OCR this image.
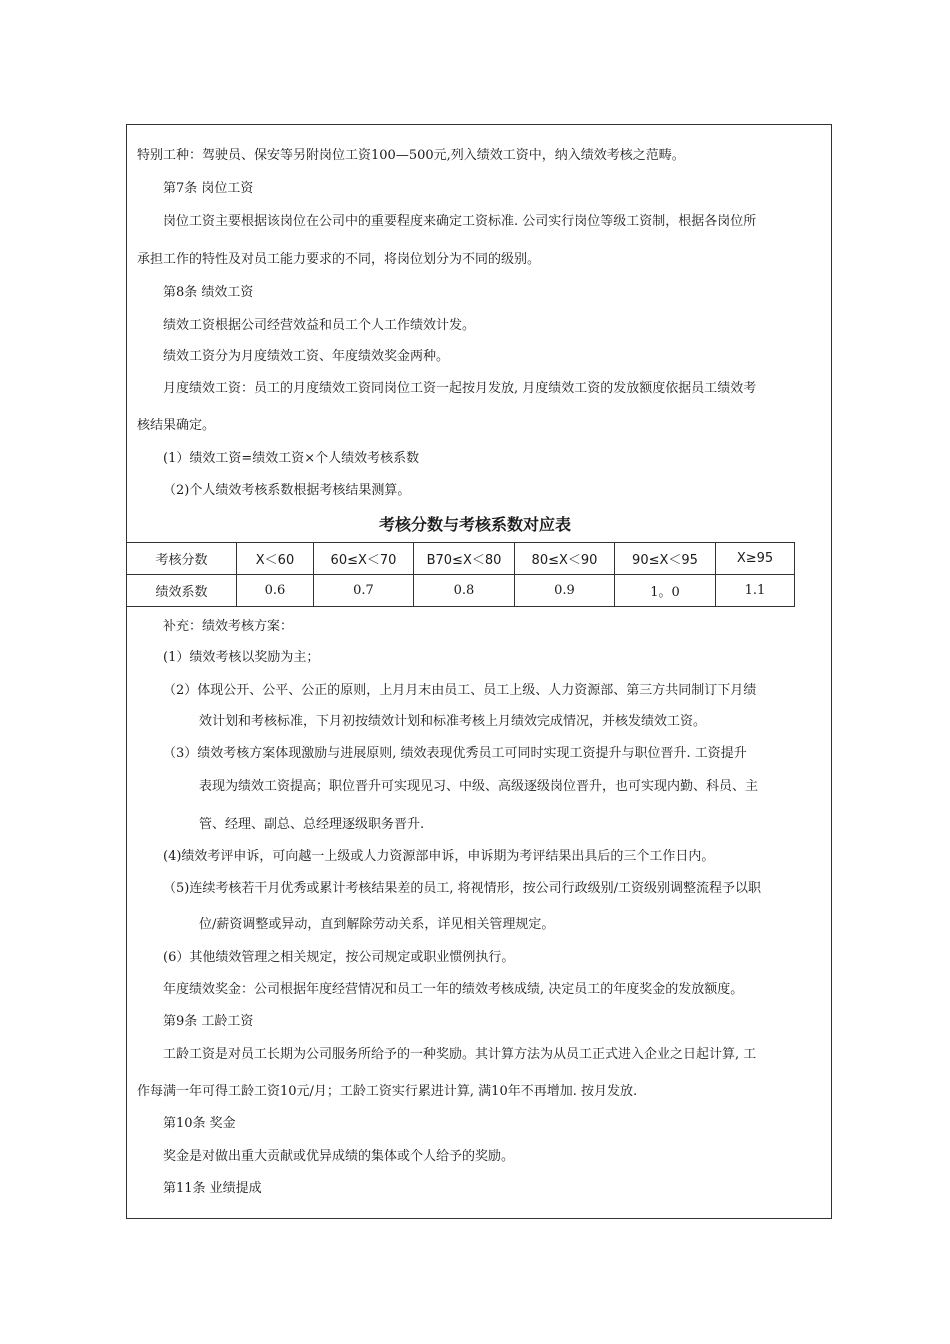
特别工种：驾驶员、保安等另附岗位工资100—500元,列入绩效工资中，纳入绩效考核之范畴。
第7条 岗位工资
岗位工资主要根据该岗位在公司中的重要程度来确定工资标准. 公司实行岗位等级工资制，根据各岗位所
承担工作的特性及对员工能力要求的不同，将岗位划分为不同的级别。
第8条 绩效工资
绩效工资根据公司经营效益和员工个人工作绩效计发。
绩效工资分为月度绩效工资、年度绩效奖金两种。
月度绩效工资：员工的月度绩效工资同岗位工资一起按月发放, 月度绩效工资的发放额度依据员工绩效考
核结果确定。
(1）绩效工资=绩效工资×个人绩效考核系数
（2)个人绩效考核系数根据考核结果测算。
考核分数与考核系数对应表
考核分数	X＜60	60≤X＜70	B70≤X＜80	80≤X＜90	90≤X＜95	X≥95
绩效系数	0.6	0.7	0.8	0.9	1。0	1.1
补充：绩效考核方案：
(1）绩效考核以奖励为主；
（2）体现公开、公平、公正的原则，上月月末由员工、员工上级、人力资源部、第三方共同制订下月绩
效计划和考核标准，下月初按绩效计划和标准考核上月绩效完成情况，并核发绩效工资。
（3）绩效考核方案体现激励与进展原则, 绩效表现优秀员工可同时实现工资提升与职位晋升. 工资提升
表现为绩效工资提高；职位晋升可实现见习、中级、高级逐级岗位晋升，也可实现内勤、科员、主
管、经理、副总、总经理逐级职务晋升.
(4)绩效考评申诉，可向越一上级或人力资源部申诉，申诉期为考评结果出具后的三个工作日内。
（5)连续考核若干月优秀或累计考核结果差的员工, 将视情形，按公司行政级别/工资级别调整流程予以职
位/薪资调整或异动，直到解除劳动关系，详见相关管理规定。
(6）其他绩效管理之相关规定，按公司规定或职业惯例执行。
年度绩效奖金：公司根据年度经营情况和员工一年的绩效考核成绩, 决定员工的年度奖金的发放额度。
第9条 工龄工资
工龄工资是对员工长期为公司服务所给予的一种奖励。其计算方法为从员工正式进入企业之日起计算, 工
作每满一年可得工龄工资10元/月；工龄工资实行累进计算, 满10年不再增加. 按月发放.
第10条 奖金
奖金是对做出重大贡献或优异成绩的集体或个人给予的奖励。
第11条 业绩提成
